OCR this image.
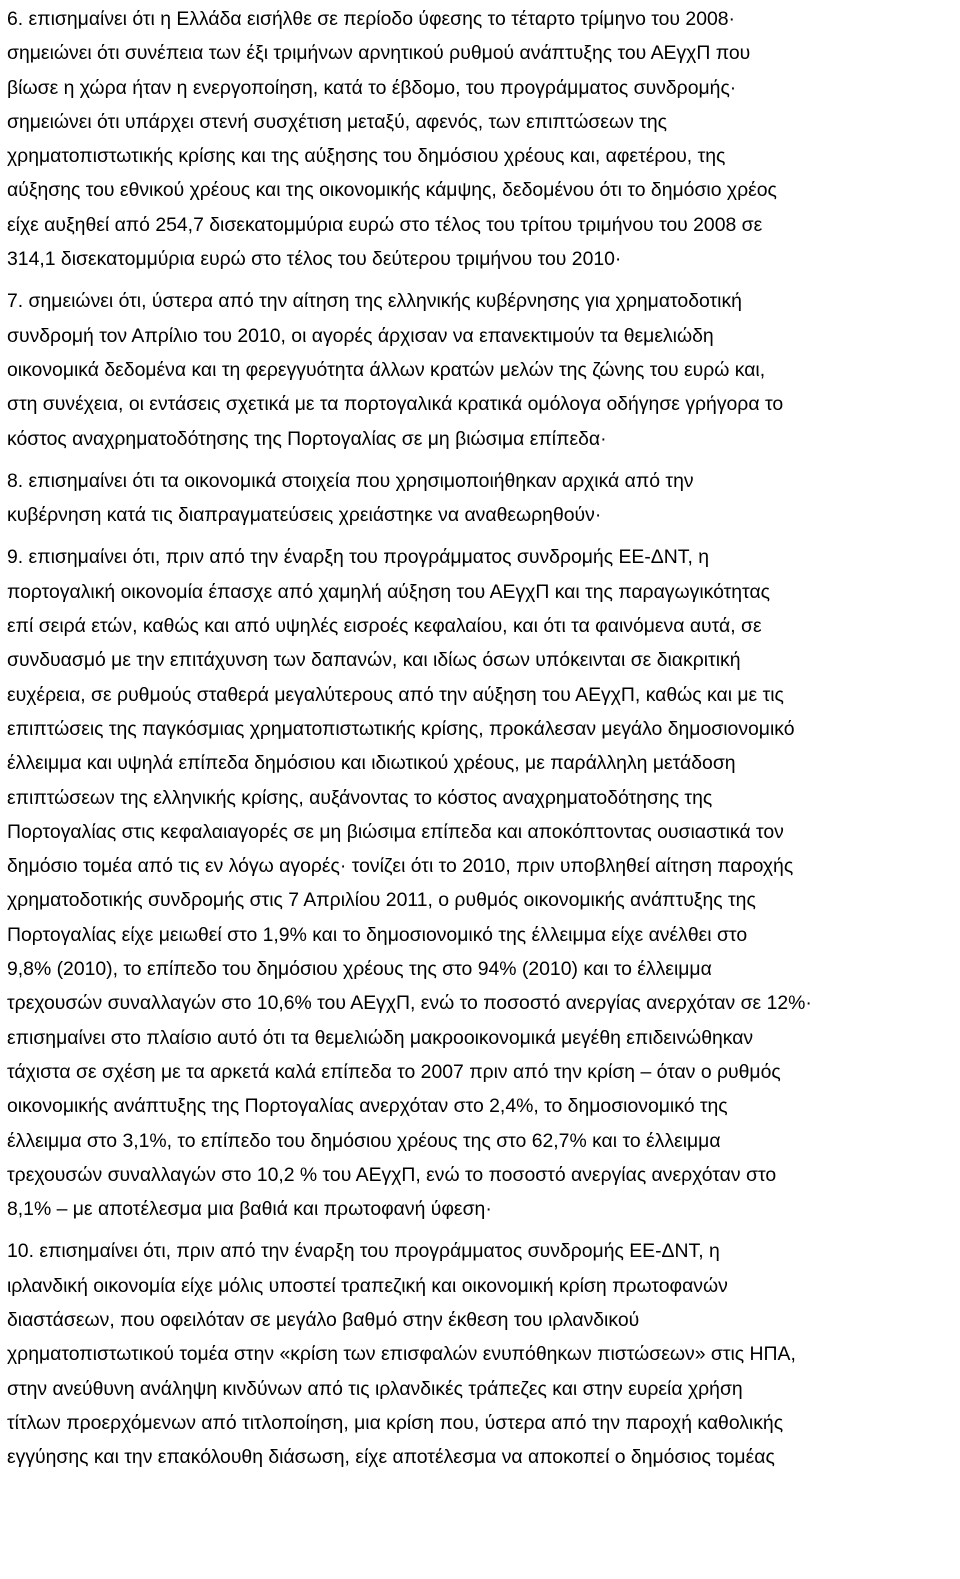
6. επισημαίνει ότι η Ελλάδα εισήλθε σε περίοδο ύφεσης το τέταρτο τρίμηνο του 2008·
σημειώνει ότι συνέπεια των έξι τριμήνων αρνητικού ρυθμού ανάπτυξης του ΑΕγχΠ που
βίωσε η χώρα ήταν η ενεργοποίηση, κατά το έβδομο, του προγράμματος συνδρομής·
σημειώνει ότι υπάρχει στενή συσχέτιση μεταξύ, αφενός, των επιπτώσεων της
χρηματοπιστωτικής κρίσης και της αύξησης του δημόσιου χρέους και, αφετέρου, της
αύξησης του εθνικού χρέους και της οικονομικής κάμψης, δεδομένου ότι το δημόσιο χρέος
είχε αυξηθεί από 254,7 δισεκατομμύρια ευρώ στο τέλος του τρίτου τριμήνου του 2008 σε
314,1 δισεκατομμύρια ευρώ στο τέλος του δεύτερου τριμήνου του 2010·
7. σημειώνει ότι, ύστερα από την αίτηση της ελληνικής κυβέρνησης για χρηματοδοτική
συνδρομή τον Απρίλιο του 2010, οι αγορές άρχισαν να επανεκτιμούν τα θεμελιώδη
οικονομικά δεδομένα και τη φερεγγυότητα άλλων κρατών μελών της ζώνης του ευρώ και,
στη συνέχεια, οι εντάσεις σχετικά με τα πορτογαλικά κρατικά ομόλογα οδήγησε γρήγορα το
κόστος αναχρηματοδότησης της Πορτογαλίας σε μη βιώσιμα επίπεδα·
8. επισημαίνει ότι τα οικονομικά στοιχεία που χρησιμοποιήθηκαν αρχικά από την
κυβέρνηση κατά τις διαπραγματεύσεις χρειάστηκε να αναθεωρηθούν·
9. επισημαίνει ότι, πριν από την έναρξη του προγράμματος συνδρομής ΕΕ-ΔΝΤ, η
πορτογαλική οικονομία έπασχε από χαμηλή αύξηση του ΑΕγχΠ και της παραγωγικότητας
επί σειρά ετών, καθώς και από υψηλές εισροές κεφαλαίου, και ότι τα φαινόμενα αυτά, σε
συνδυασμό με την επιτάχυνση των δαπανών, και ιδίως όσων υπόκεινται σε διακριτική
ευχέρεια, σε ρυθμούς σταθερά μεγαλύτερους από την αύξηση του ΑΕγχΠ, καθώς και με τις
επιπτώσεις της παγκόσμιας χρηματοπιστωτικής κρίσης, προκάλεσαν μεγάλο δημοσιονομικό
έλλειμμα και υψηλά επίπεδα δημόσιου και ιδιωτικού χρέους, με παράλληλη μετάδοση
επιπτώσεων της ελληνικής κρίσης, αυξάνοντας το κόστος αναχρηματοδότησης της
Πορτογαλίας στις κεφαλαιαγορές σε μη βιώσιμα επίπεδα και αποκόπτοντας ουσιαστικά τον
δημόσιο τομέα από τις εν λόγω αγορές· τονίζει ότι το 2010, πριν υποβληθεί αίτηση παροχής
χρηματοδοτικής συνδρομής στις 7 Απριλίου 2011, ο ρυθμός οικονομικής ανάπτυξης της
Πορτογαλίας είχε μειωθεί στο 1,9% και το δημοσιονομικό της έλλειμμα είχε ανέλθει στο
9,8% (2010), το επίπεδο του δημόσιου χρέους της στο 94% (2010) και το έλλειμμα
τρεχουσών συναλλαγών στο 10,6% του ΑΕγχΠ, ενώ το ποσοστό ανεργίας ανερχόταν σε 12%·
επισημαίνει στο πλαίσιο αυτό ότι τα θεμελιώδη μακροοικονομικά μεγέθη επιδεινώθηκαν
τάχιστα σε σχέση με τα αρκετά καλά επίπεδα το 2007 πριν από την κρίση – όταν ο ρυθμός
οικονομικής ανάπτυξης της Πορτογαλίας ανερχόταν στο 2,4%, το δημοσιονομικό της
έλλειμμα στο 3,1%, το επίπεδο του δημόσιου χρέους της στο 62,7% και το έλλειμμα
τρεχουσών συναλλαγών στο 10,2 % του ΑΕγχΠ, ενώ το ποσοστό ανεργίας ανερχόταν στο
8,1% – με αποτέλεσμα μια βαθιά και πρωτοφανή ύφεση·
10. επισημαίνει ότι, πριν από την έναρξη του προγράμματος συνδρομής ΕΕ-ΔΝΤ, η
ιρλανδική οικονομία είχε μόλις υποστεί τραπεζική και οικονομική κρίση πρωτοφανών
διαστάσεων, που οφειλόταν σε μεγάλο βαθμό στην έκθεση του ιρλανδικού
χρηματοπιστωτικού τομέα στην «κρίση των επισφαλών ενυπόθηκων πιστώσεων» στις ΗΠΑ,
στην ανεύθυνη ανάληψη κινδύνων από τις ιρλανδικές τράπεζες και στην ευρεία χρήση
τίτλων προερχόμενων από τιτλοποίηση, μια κρίση που, ύστερα από την παροχή καθολικής
εγγύησης και την επακόλουθη διάσωση, είχε αποτέλεσμα να αποκοπεί ο δημόσιος τομέας
